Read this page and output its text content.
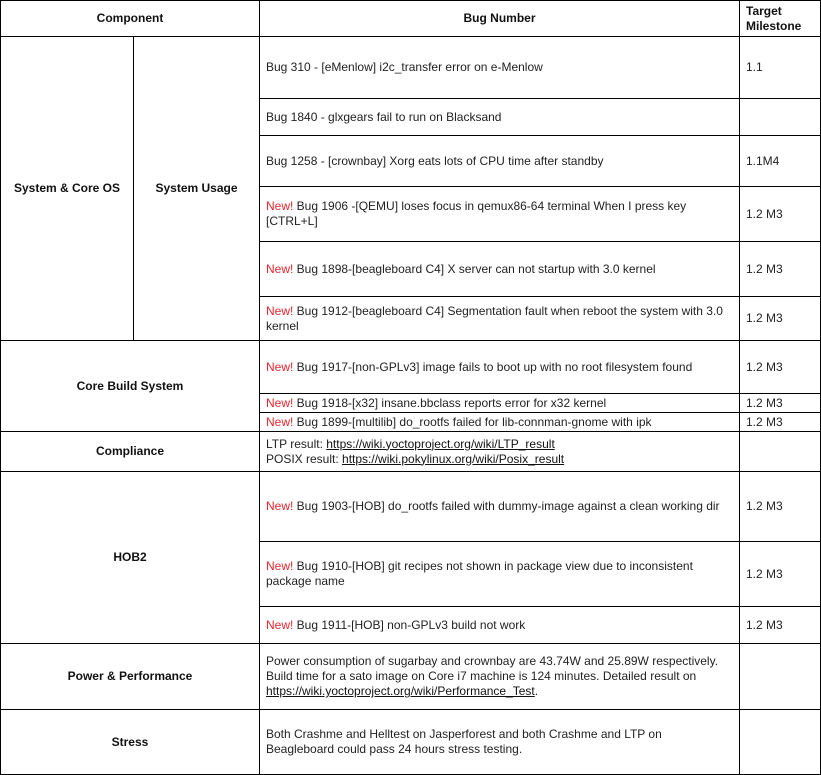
Component		Bug Number	Target Milestone
System & Core OS	System Usage	Bug 310 - [eMenlow] i2c_transfer error on e-Menlow	1.1
		Bug 1840 - glxgears fail to run on Blacksand	
		Bug 1258 - [crownbay] Xorg eats lots of CPU time after standby	1.1M4
		New! Bug 1906 -[QEMU] loses focus in qemux86-64 terminal When I press key [CTRL+L]	1.2 M3
		New! Bug 1898-[beagleboard C4] X server can not startup with 3.0 kernel	1.2 M3
		New! Bug 1912-[beagleboard C4] Segmentation fault when reboot the system with 3.0 kernel	1.2 M3
Core Build System		New! Bug 1917-[non-GPLv3] image fails to boot up with no root filesystem found	1.2 M3
		New! Bug 1918-[x32] insane.bbclass reports error for x32 kernel	1.2 M3
		New! Bug 1899-[multilib] do_rootfs failed for lib-connman-gnome with ipk	1.2 M3
Compliance		LTP result: https://wiki.yoctoproject.org/wiki/LTP_result
POSIX result: https://wiki.pokylinux.org/wiki/Posix_result	
HOB2		New! Bug 1903-[HOB] do_rootfs failed with dummy-image against a clean working dir	1.2 M3
		New! Bug 1910-[HOB] git recipes not shown in package view due to inconsistent package name	1.2 M3
		New! Bug 1911-[HOB] non-GPLv3 build not work	1.2 M3
Power & Performance		Power consumption of sugarbay and crownbay are 43.74W and 25.89W respectively.
Build time for a sato image on Core i7 machine is 124 minutes. Detailed result on https://wiki.yoctoproject.org/wiki/Performance_Test.	
Stress		Both Crashme and Helltest on Jasperforest and both Crashme and LTP on Beagleboard could pass 24 hours stress testing.	
